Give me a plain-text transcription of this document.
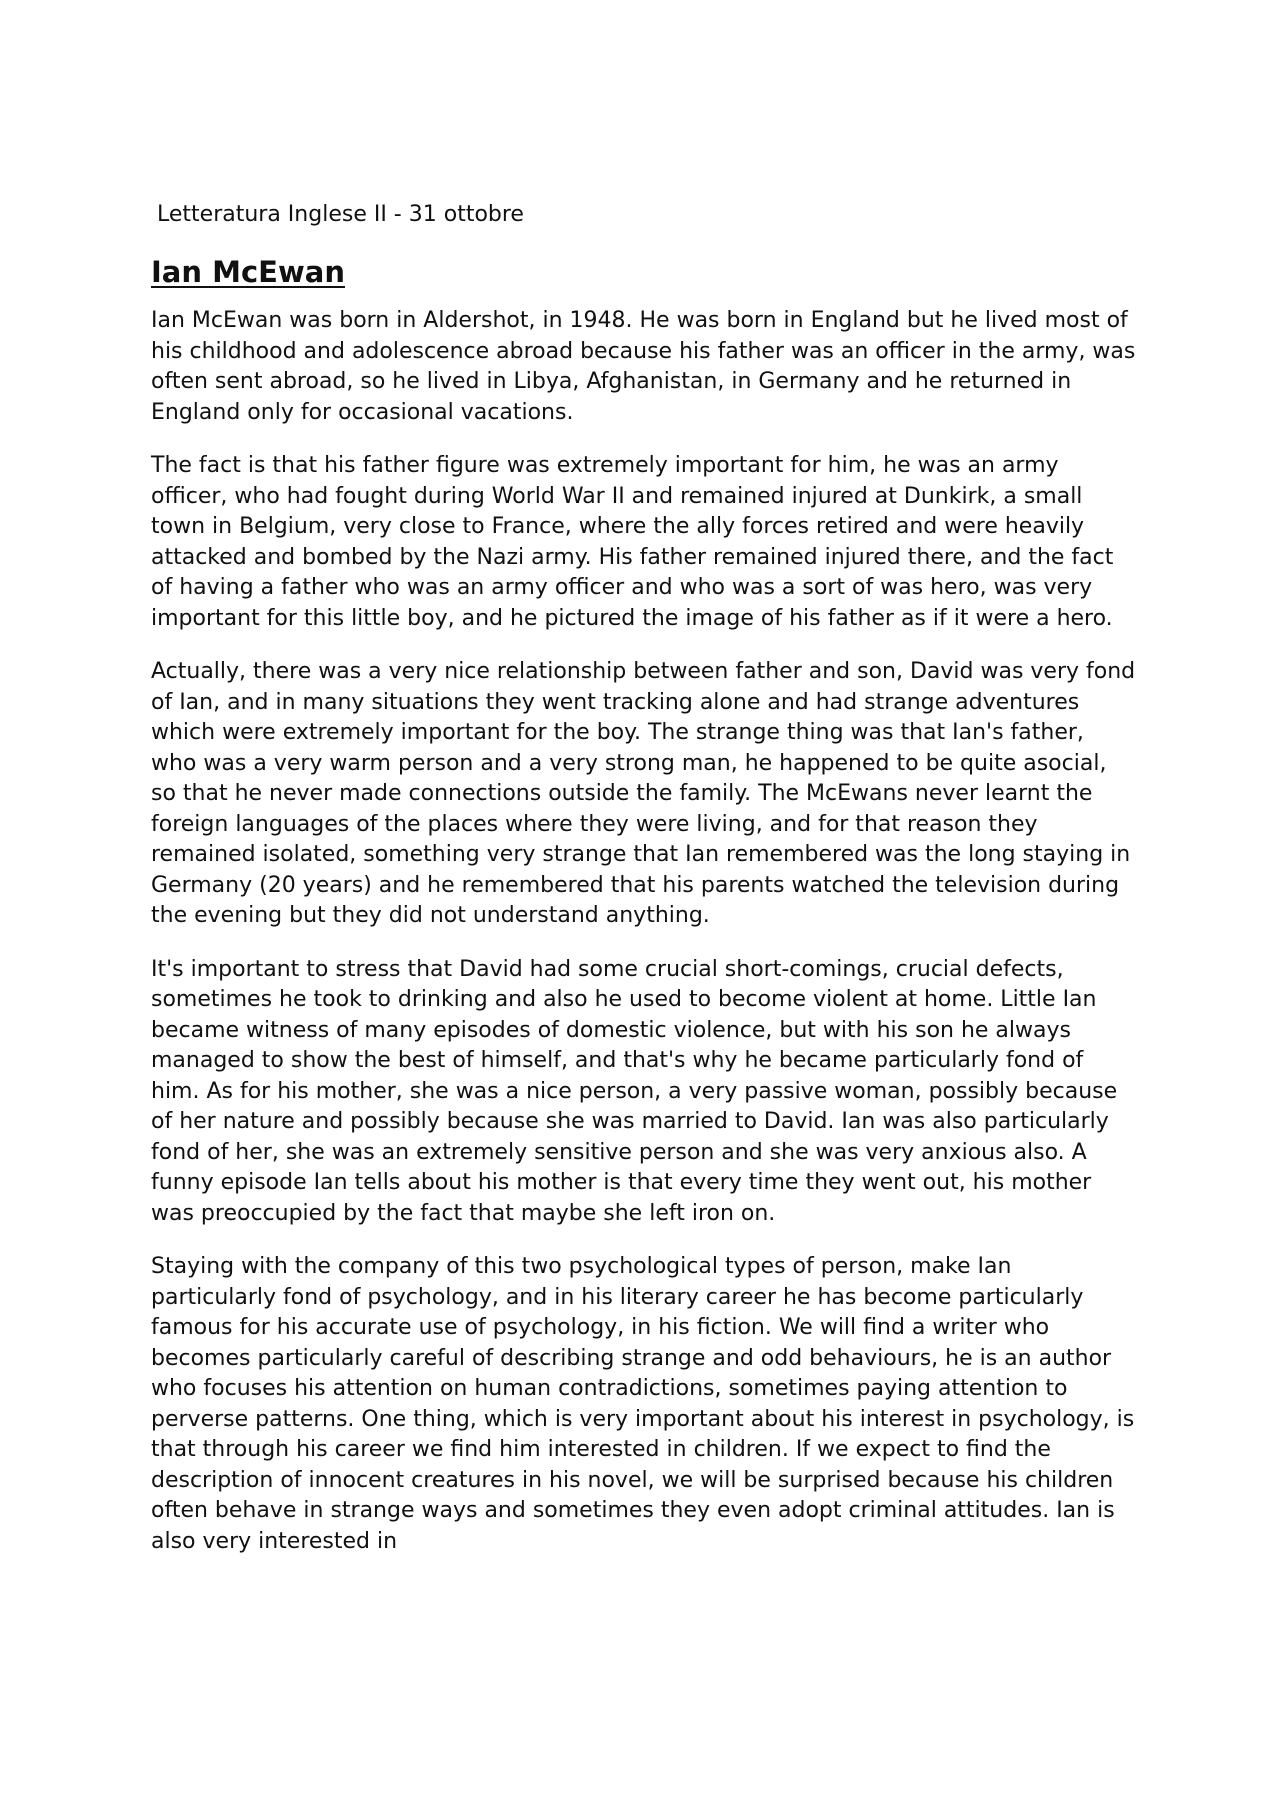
Letteratura Inglese II - 31 ottobre
Ian McEwan

Ian McEwan was born in Aldershot, in 1948. He was born in England but he lived most of his childhood and adolescence abroad because his father was an officer in the army, was often sent abroad, so he lived in Libya, Afghanistan, in Germany and he returned in England only for occasional vacations.

The fact is that his father figure was extremely important for him, he was an army officer, who had fought during World War II and remained injured at Dunkirk, a small town in Belgium, very close to France, where the ally forces retired and were heavily attacked and bombed by the Nazi army. His father remained injured there, and the fact of having a father who was an army officer and who was a sort of was hero, was very important for this little boy, and he pictured the image of his father as if it were a hero.

Actually, there was a very nice relationship between father and son, David was very fond of Ian, and in many situations they went tracking alone and had strange adventures which were extremely important for the boy. The strange thing was that Ian's father, who was a very warm person and a very strong man, he happened to be quite asocial, so that he never made connections outside the family. The McEwans never learnt the foreign languages of the places where they were living, and for that reason they remained isolated, something very strange that Ian remembered was the long staying in Germany (20 years) and he remembered that his parents watched the television during the evening but they did not understand anything.

It's important to stress that David had some crucial short-comings, crucial defects, sometimes he took to drinking and also he used to become violent at home. Little Ian became witness of many episodes of domestic violence, but with his son he always managed to show the best of himself, and that's why he became particularly fond of him. As for his mother, she was a nice person, a very passive woman, possibly because of her nature and possibly because she was married to David. Ian was also particularly fond of her, she was an extremely sensitive person and she was very anxious also. A funny episode Ian tells about his mother is that every time they went out, his mother was preoccupied by the fact that maybe she left iron on.

Staying with the company of this two psychological types of person, make Ian particularly fond of psychology, and in his literary career he has become particularly famous for his accurate use of psychology, in his fiction. We will find a writer who becomes particularly careful of describing strange and odd behaviours, he is an author who focuses his attention on human contradictions, sometimes paying attention to perverse patterns. One thing, which is very important about his interest in psychology, is that through his career we find him interested in children. If we expect to find the description of innocent creatures in his novel, we will be surprised because his children often behave in strange ways and sometimes they even adopt criminal attitudes. Ian is also very interested in
